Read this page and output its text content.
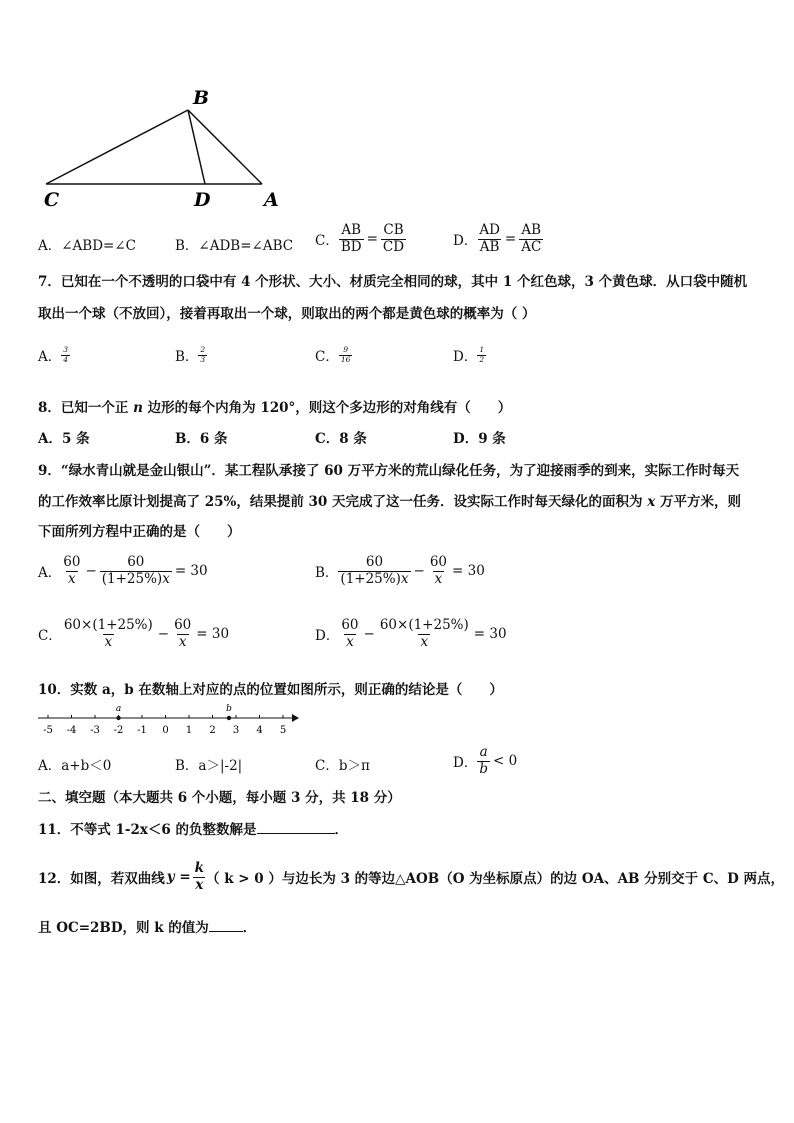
B
C	D	A
A．∠ABD=∠C	B．∠ADB=∠ABC C． $\frac{AB}{BD} = \frac{CB}{CD}$	D． $\frac{AD}{AB} = \frac{AB}{AC}$
7．已知在一个不透明的口袋中有 4 个形状、大小、材质完全相同的球，其中 1 个红色球，3 个黄色球．从口袋中随机
取出一个球（不放回），接着再取出一个球，则取出的两个都是黄色球的概率为（ ）
A． $\frac{3}{4}$	B． $\frac{2}{3}$	C． $\frac{9}{16}$	D． $\frac{1}{2}$
8．已知一个正 n 边形的每个内角为 120°，则这个多边形的对角线有（　　）
A．5 条	B．6 条	C．8 条	D．9 条
9．“绿水青山就是金山银山”．某工程队承接了 60 万平方米的荒山绿化任务，为了迎接雨季的到来，实际工作时每天
的工作效率比原计划提高了 25%，结果提前 30 天完成了这一任务．设实际工作时每天绿化的面积为 x 万平方米，则
下面所列方程中正确的是（　　）
A． $\frac{60}{x} - \frac{60}{(1+25\%)x} = 30$	B． $\frac{60}{(1+25\%)x} - \frac{60}{x} = 30$
C． $\frac{60\times(1+25\%)}{x} - \frac{60}{x} = 30$	D． $\frac{60}{x} - \frac{60\times(1+25\%)}{x} = 30$
10．实数 a，b 在数轴上对应的点的位置如图所示，则正确的结论是（　　）
-5 -4 -3 -2 -1 0 1 2 3 4 5
a	b
A．a+b＜0	B．a＞|-2|	C．b＞π	D． $\frac{a}{b} < 0$
二、填空题（本大题共 6 个小题，每小题 3 分，共 18 分）
11．不等式 1-2x＜6 的负整数解是	．
12．如图，若双曲线 $y = \frac{k}{x}$ （ k > 0 ）与边长为 3 的等边△AOB（O 为坐标原点）的边 OA、AB 分别交于 C、D 两点，
且 OC=2BD，则 k 的值为	．
